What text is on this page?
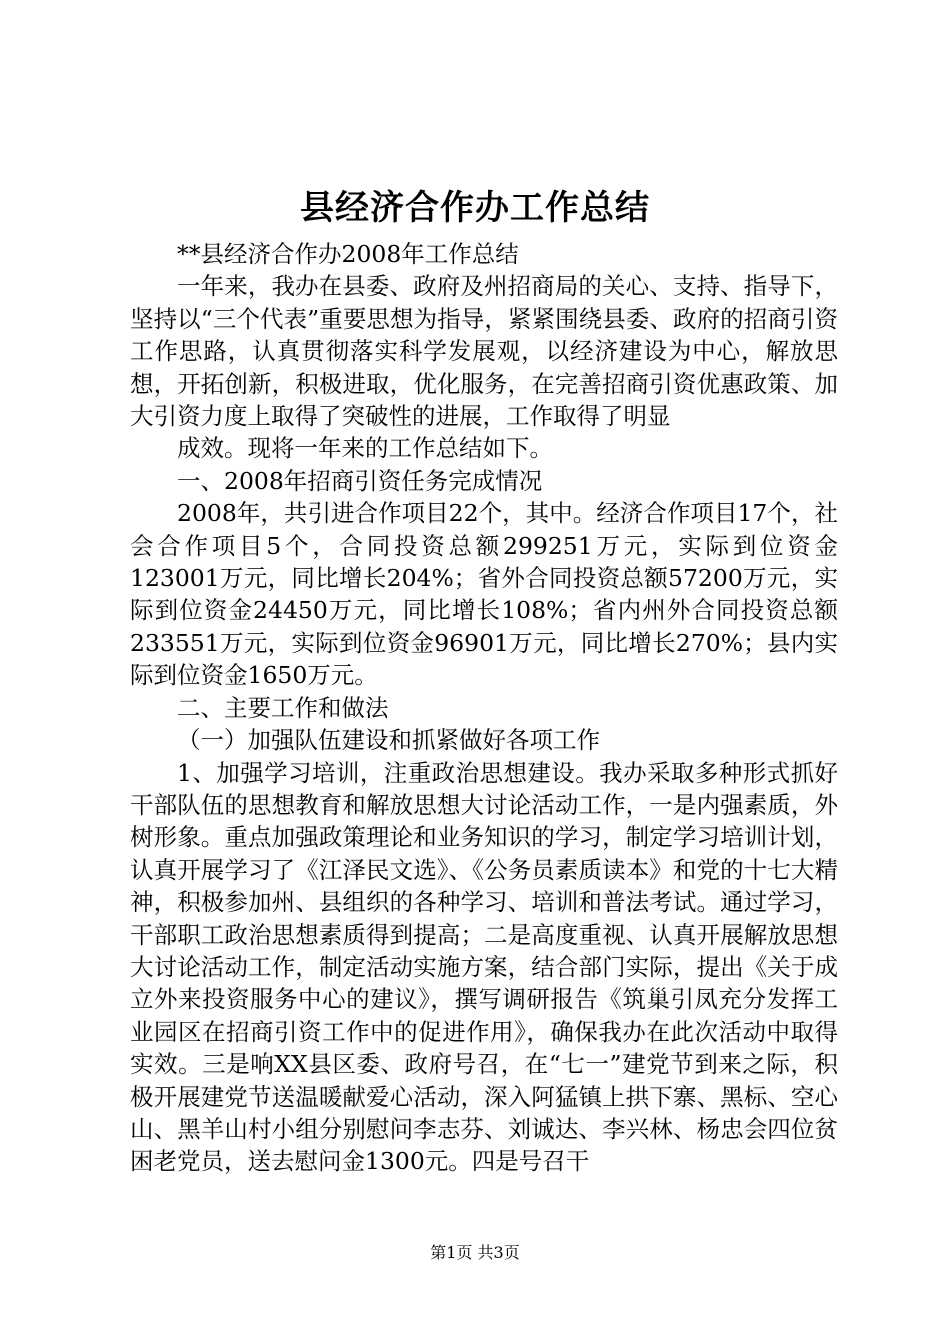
县经济合作办工作总结

**县经济合作办2008年工作总结

一年来，我办在县委、政府及州招商局的关心、支持、指导下，坚持以“三个代表”重要思想为指导，紧紧围绕县委、政府的招商引资工作思路，认真贯彻落实科学发展观，以经济建设为中心，解放思想，开拓创新，积极进取，优化服务，在完善招商引资优惠政策、加大引资力度上取得了突破性的进展，工作取得了明显

成效。现将一年来的工作总结如下。

一、2008年招商引资任务完成情况

2008年，共引进合作项目22个，其中。经济合作项目17个，社会合作项目5个，合同投资总额299251万元，实际到位资金123001万元，同比增长204%；省外合同投资总额57200万元，实际到位资金24450万元，同比增长108%；省内州外合同投资总额233551万元，实际到位资金96901万元，同比增长270%；县内实际到位资金1650万元。

二、主要工作和做法

（一）加强队伍建设和抓紧做好各项工作

1、加强学习培训，注重政治思想建设。我办采取多种形式抓好干部队伍的思想教育和解放思想大讨论活动工作，一是内强素质，外树形象。重点加强政策理论和业务知识的学习，制定学习培训计划，认真开展学习了《江泽民文选》、《公务员素质读本》和党的十七大精神，积极参加州、县组织的各种学习、培训和普法考试。通过学习，干部职工政治思想素质得到提高；二是高度重视、认真开展解放思想大讨论活动工作，制定活动实施方案，结合部门实际，提出《关于成立外来投资服务中心的建议》，撰写调研报告《筑巢引凤充分发挥工业园区在招商引资工作中的促进作用》，确保我办在此次活动中取得实效。三是响XX县区委、政府号召，在“七一”建党节到来之际，积极开展建党节送温暖献爱心活动，深入阿猛镇上拱下寨、黑标、空心山、黑羊山村小组分别慰问李志芬、刘诚达、李兴林、杨忠会四位贫困老党员，送去慰问金1300元。四是号召干

第1页 共3页
